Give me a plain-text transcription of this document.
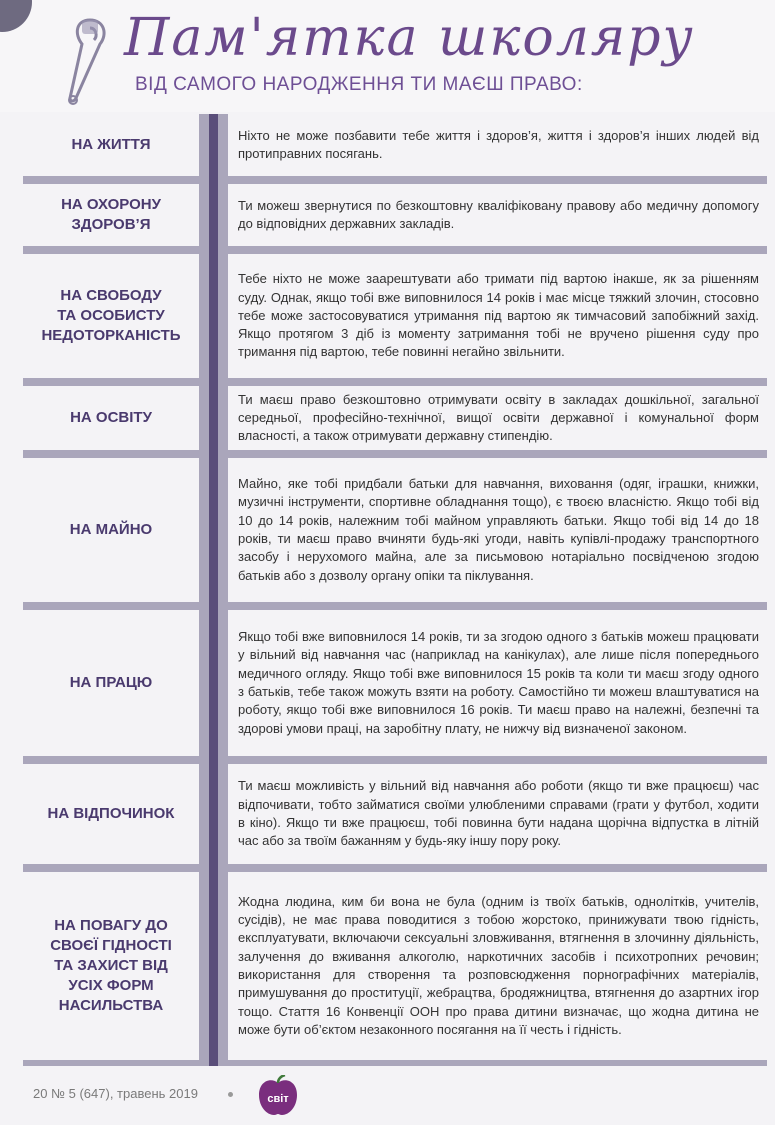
Пам'ятка школяру
ВІД САМОГО НАРОДЖЕННЯ ТИ МАЄШ ПРАВО:
НА ЖИТТЯ
Ніхто не може позбавити тебе життя і здоров’я, життя і здоров’я інших людей від протиправних посягань.
НА ОХОРОНУ
ЗДОРОВ’Я
Ти можеш звернутися по безкоштовну кваліфіковану правову або медичну допомогу до відповідних державних закладів.
НА СВОБОДУ
ТА ОСОБИСТУ
НЕДОТОРКАНІСТЬ
Тебе ніхто не може заарештувати або тримати під вартою інакше, як за рішенням суду. Однак, якщо тобі вже виповнилося 14 років і має місце тяжкий злочин, стосовно тебе може застосовуватися утримання під вартою як тимчасовий запобіжний захід. Якщо протягом 3 діб із моменту затримання тобі не вручено рішення суду про тримання під вартою, тебе повинні негайно звільнити.
НА ОСВІТУ
Ти маєш право безкоштовно отримувати освіту в закладах дошкільної, загальної середньої, професійно-технічної, вищої освіти державної і комунальної форм власності, а також отримувати державну стипендію.
НА МАЙНО
Майно, яке тобі придбали батьки для навчання, виховання (одяг, іграшки, книжки, музичні інструменти, спортивне обладнання тощо), є твоєю власністю. Якщо тобі від 10 до 14 років, належним тобі майном управляють батьки. Якщо тобі від 14 до 18 років, ти маєш право вчиняти будь-які угоди, навіть купівлі-продажу транспортного засобу і нерухомого майна, але за письмовою нотаріально посвідченою згодою батьків або з дозволу органу опіки та піклування.
НА ПРАЦЮ
Якщо тобі вже виповнилося 14 років, ти за згодою одного з батьків можеш працювати у вільний від навчання час (наприклад на канікулах), але лише після попереднього медичного огляду. Якщо тобі вже виповнилося 15 років та коли ти маєш згоду одного з батьків, тебе також можуть взяти на роботу. Самостійно ти можеш влаштуватися на роботу, якщо тобі вже виповнилося 16 років. Ти маєш право на належні, безпечні та здорові умови праці, на заробітну плату, не нижчу від визначеної законом.
НА ВІДПОЧИНОК
Ти маєш можливість у вільний від навчання або роботи (якщо ти вже працюєш) час відпочивати, тобто займатися своїми улюбленими справами (грати у футбол, ходити в кіно). Якщо ти вже працюєш, тобі повинна бути надана щорічна відпустка в літній час або за твоїм бажанням у будь-яку іншу пору року.
НА ПОВАГУ ДО
СВОЄЇ ГІДНОСТІ
ТА ЗАХИСТ ВІД
УСІХ ФОРМ
НАСИЛЬСТВА
Жодна людина, ким би вона не була (одним із твоїх батьків, однолітків, учителів, сусідів), не має права поводитися з тобою жорстоко, принижувати твою гідність, експлуатувати, включаючи сексуальні зловживання, втягнення в злочинну діяльність, залучення до вживання алкоголю, наркотичних засобів і психотропних речовин; використання для створення та розповсюдження порнографічних матеріалів, примушування до проституції, жебрацтва, бродяжництва, втягнення до азартних ігор тощо. Стаття 16 Конвенції ООН про права дитини визначає, що жодна дитина не може бути об’єктом незаконного посягання на її честь і гідність.
20 № 5 (647), травень 2019	світ
